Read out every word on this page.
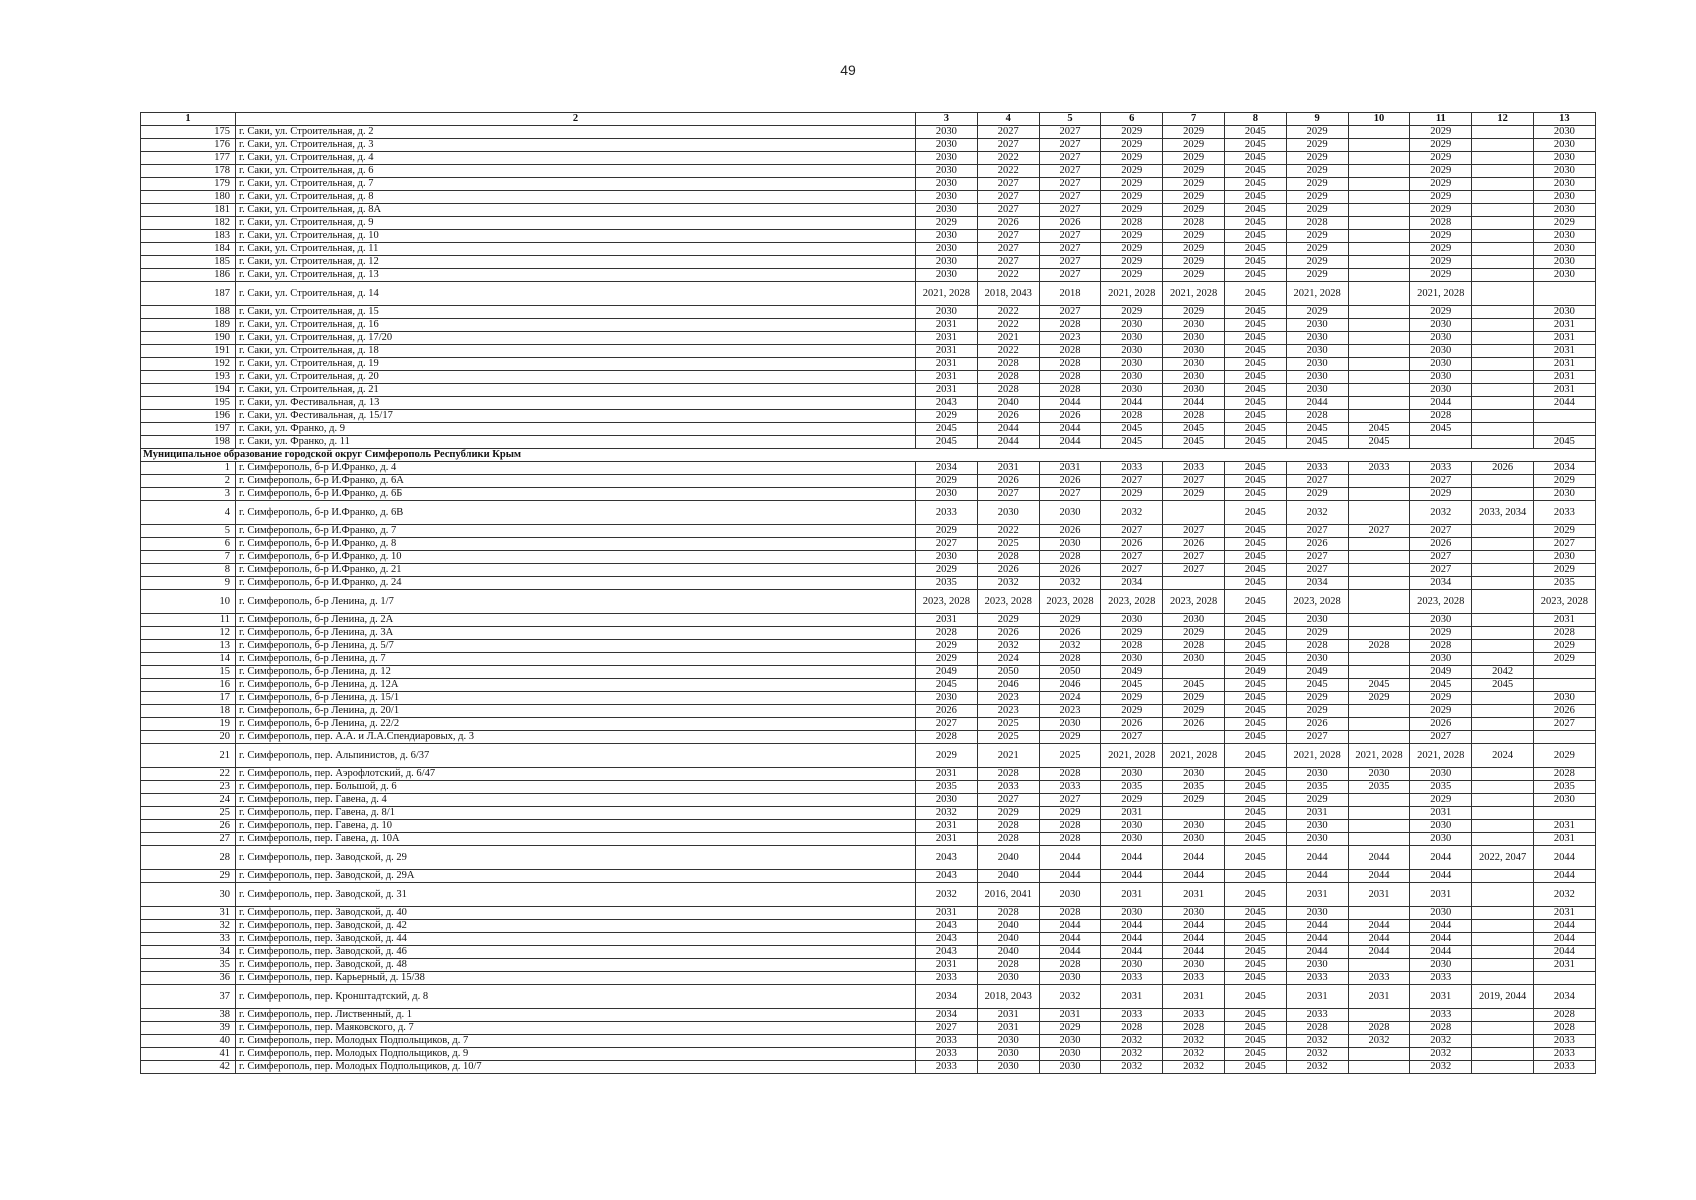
49
1	2	3	4	5	6	7	8	9	10	11	12	13
175	г. Саки, ул. Строительная, д. 2	2030	2027	2027	2029	2029	2045	2029		2029		2030
176	г. Саки, ул. Строительная, д. 3	2030	2027	2027	2029	2029	2045	2029		2029		2030
177	г. Саки, ул. Строительная, д. 4	2030	2022	2027	2029	2029	2045	2029		2029		2030
178	г. Саки, ул. Строительная, д. 6	2030	2022	2027	2029	2029	2045	2029		2029		2030
179	г. Саки, ул. Строительная, д. 7	2030	2027	2027	2029	2029	2045	2029		2029		2030
180	г. Саки, ул. Строительная, д. 8	2030	2027	2027	2029	2029	2045	2029		2029		2030
181	г. Саки, ул. Строительная, д. 8А	2030	2027	2027	2029	2029	2045	2029		2029		2030
182	г. Саки, ул. Строительная, д. 9	2029	2026	2026	2028	2028	2045	2028		2028		2029
183	г. Саки, ул. Строительная, д. 10	2030	2027	2027	2029	2029	2045	2029		2029		2030
184	г. Саки, ул. Строительная, д. 11	2030	2027	2027	2029	2029	2045	2029		2029		2030
185	г. Саки, ул. Строительная, д. 12	2030	2027	2027	2029	2029	2045	2029		2029		2030
186	г. Саки, ул. Строительная, д. 13	2030	2022	2027	2029	2029	2045	2029		2029		2030
187	г. Саки, ул. Строительная, д. 14	2021, 2028	2018, 2043	2018	2021, 2028	2021, 2028	2045	2021, 2028		2021, 2028		
188	г. Саки, ул. Строительная, д. 15	2030	2022	2027	2029	2029	2045	2029		2029		2030
189	г. Саки, ул. Строительная, д. 16	2031	2022	2028	2030	2030	2045	2030		2030		2031
190	г. Саки, ул. Строительная, д. 17/20	2031	2021	2023	2030	2030	2045	2030		2030		2031
191	г. Саки, ул. Строительная, д. 18	2031	2022	2028	2030	2030	2045	2030		2030		2031
192	г. Саки, ул. Строительная, д. 19	2031	2028	2028	2030	2030	2045	2030		2030		2031
193	г. Саки, ул. Строительная, д. 20	2031	2028	2028	2030	2030	2045	2030		2030		2031
194	г. Саки, ул. Строительная, д. 21	2031	2028	2028	2030	2030	2045	2030		2030		2031
195	г. Саки, ул. Фестивальная, д. 13	2043	2040	2044	2044	2044	2045	2044		2044		2044
196	г. Саки, ул. Фестивальная, д. 15/17	2029	2026	2026	2028	2028	2045	2028		2028		
197	г. Саки, ул. Франко, д. 9	2045	2044	2044	2045	2045	2045	2045	2045	2045		
198	г. Саки, ул. Франко, д. 11	2045	2044	2044	2045	2045	2045	2045	2045			2045
Муниципальное образование городской округ Симферополь Республики Крым												
1	г. Симферополь, б-р И.Франко, д. 4	2034	2031	2031	2033	2033	2045	2033	2033	2033	2026	2034
2	г. Симферополь, б-р И.Франко, д. 6А	2029	2026	2026	2027	2027	2045	2027		2027		2029
3	г. Симферополь, б-р И.Франко, д. 6Б	2030	2027	2027	2029	2029	2045	2029		2029		2030
4	г. Симферополь, б-р И.Франко, д. 6В	2033	2030	2030	2032		2045	2032		2032	2033, 2034	2033
5	г. Симферополь, б-р И.Франко, д. 7	2029	2022	2026	2027	2027	2045	2027	2027	2027		2029
6	г. Симферополь, б-р И.Франко, д. 8	2027	2025	2030	2026	2026	2045	2026		2026		2027
7	г. Симферополь, б-р И.Франко, д. 10	2030	2028	2028	2027	2027	2045	2027		2027		2030
8	г. Симферополь, б-р И.Франко, д. 21	2029	2026	2026	2027	2027	2045	2027		2027		2029
9	г. Симферополь, б-р И.Франко, д. 24	2035	2032	2032	2034		2045	2034		2034		2035
10	г. Симферополь, б-р Ленина, д. 1/7	2023, 2028	2023, 2028	2023, 2028	2023, 2028	2023, 2028	2045	2023, 2028		2023, 2028		2023, 2028
11	г. Симферополь, б-р Ленина, д. 2А	2031	2029	2029	2030	2030	2045	2030		2030		2031
12	г. Симферополь, б-р Ленина, д. 3А	2028	2026	2026	2029	2029	2045	2029		2029		2028
13	г. Симферополь, б-р Ленина, д. 5/7	2029	2032	2032	2028	2028	2045	2028	2028	2028		2029
14	г. Симферополь, б-р Ленина, д. 7	2029	2024	2028	2030	2030	2045	2030		2030		2029
15	г. Симферополь, б-р Ленина, д. 12	2049	2050	2050	2049		2049	2049		2049	2042	
16	г. Симферополь, б-р Ленина, д. 12А	2045	2046	2046	2045	2045	2045	2045	2045	2045	2045	
17	г. Симферополь, б-р Ленина, д. 15/1	2030	2023	2024	2029	2029	2045	2029	2029	2029		2030
18	г. Симферополь, б-р Ленина, д. 20/1	2026	2023	2023	2029	2029	2045	2029		2029		2026
19	г. Симферополь, б-р Ленина, д. 22/2	2027	2025	2030	2026	2026	2045	2026		2026		2027
20	г. Симферополь, пер. А.А. и Л.А.Спендиаровых, д. 3	2028	2025	2029	2027		2045	2027		2027		
21	г. Симферополь, пер. Альпинистов, д. 6/37	2029	2021	2025	2021, 2028	2021, 2028	2045	2021, 2028	2021, 2028	2021, 2028	2024	2029
22	г. Симферополь, пер. Аэрофлотский, д. 6/47	2031	2028	2028	2030	2030	2045	2030	2030	2030		2028
23	г. Симферополь, пер. Большой, д. 6	2035	2033	2033	2035	2035	2045	2035	2035	2035		2035
24	г. Симферополь, пер. Гавена, д. 4	2030	2027	2027	2029	2029	2045	2029		2029		2030
25	г. Симферополь, пер. Гавена, д. 8/1	2032	2029	2029	2031		2045	2031		2031		
26	г. Симферополь, пер. Гавена, д. 10	2031	2028	2028	2030	2030	2045	2030		2030		2031
27	г. Симферополь, пер. Гавена, д. 10А	2031	2028	2028	2030	2030	2045	2030		2030		2031
28	г. Симферополь, пер. Заводской, д. 29	2043	2040	2044	2044	2044	2045	2044	2044	2044	2022, 2047	2044
29	г. Симферополь, пер. Заводской, д. 29А	2043	2040	2044	2044	2044	2045	2044	2044	2044		2044
30	г. Симферополь, пер. Заводской, д. 31	2032	2016, 2041	2030	2031	2031	2045	2031	2031	2031		2032
31	г. Симферополь, пер. Заводской, д. 40	2031	2028	2028	2030	2030	2045	2030		2030		2031
32	г. Симферополь, пер. Заводской, д. 42	2043	2040	2044	2044	2044	2045	2044	2044	2044		2044
33	г. Симферополь, пер. Заводской, д. 44	2043	2040	2044	2044	2044	2045	2044	2044	2044		2044
34	г. Симферополь, пер. Заводской, д. 46	2043	2040	2044	2044	2044	2045	2044	2044	2044		2044
35	г. Симферополь, пер. Заводской, д. 48	2031	2028	2028	2030	2030	2045	2030		2030		2031
36	г. Симферополь, пер. Карьерный, д. 15/38	2033	2030	2030	2033	2033	2045	2033	2033	2033		
37	г. Симферополь, пер. Кронштадтский, д. 8	2034	2018, 2043	2032	2031	2031	2045	2031	2031	2031	2019, 2044	2034
38	г. Симферополь, пер. Лиственный, д. 1	2034	2031	2031	2033	2033	2045	2033		2033		2028
39	г. Симферополь, пер. Маяковского, д. 7	2027	2031	2029	2028	2028	2045	2028	2028	2028		2028
40	г. Симферополь, пер. Молодых Подпольщиков, д. 7	2033	2030	2030	2032	2032	2045	2032	2032	2032		2033
41	г. Симферополь, пер. Молодых Подпольщиков, д. 9	2033	2030	2030	2032	2032	2045	2032		2032		2033
42	г. Симферополь, пер. Молодых Подпольщиков, д. 10/7	2033	2030	2030	2032	2032	2045	2032		2032		2033
